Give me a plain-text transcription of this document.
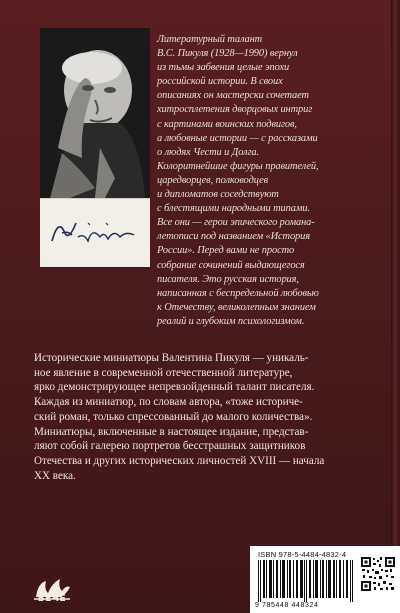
Литературный талант
В.С. Пикуля (1928—1990) вернул
из тьмы забвения целые эпохи
российской истории. В своих
описаниях он мастерски сочетает
хитросплетения дворцовых интриг
с картинами воинских подвигов,
а любовные истории — с рассказами
о людях Чести и Долга.
Колоритнейшие фигуры правителей,
царедворцев, полководцев
и дипломатов соседствуют
с блестящими народными типами.
Все они — герои эпического романа-
летописи под названием «История
России». Перед вами не просто
собрание сочинений выдающегося
писателя. Это русская история,
написанная с беспредельной любовью
к Отечеству, великолепным знанием
реалий и глубоким психологизмом.
Исторические миниатюры Валентина Пикуля — уникаль-
ное явление в современной отечественной литературе,
ярко демонстрирующее непревзойденный талант писателя.
Каждая из миниатюр, по словам автора, «тоже историче-
ский роман, только спрессованный до малого количества».
Миниатюры, включенные в настоящее издание, представ-
ляют собой галерею портретов бесстрашных защитников
Отечества и других исторических личностей XVIII — начала
XX века.
ВЕЧЕ
ISBN 978-5-4484-4832-4
9 785448 448324
